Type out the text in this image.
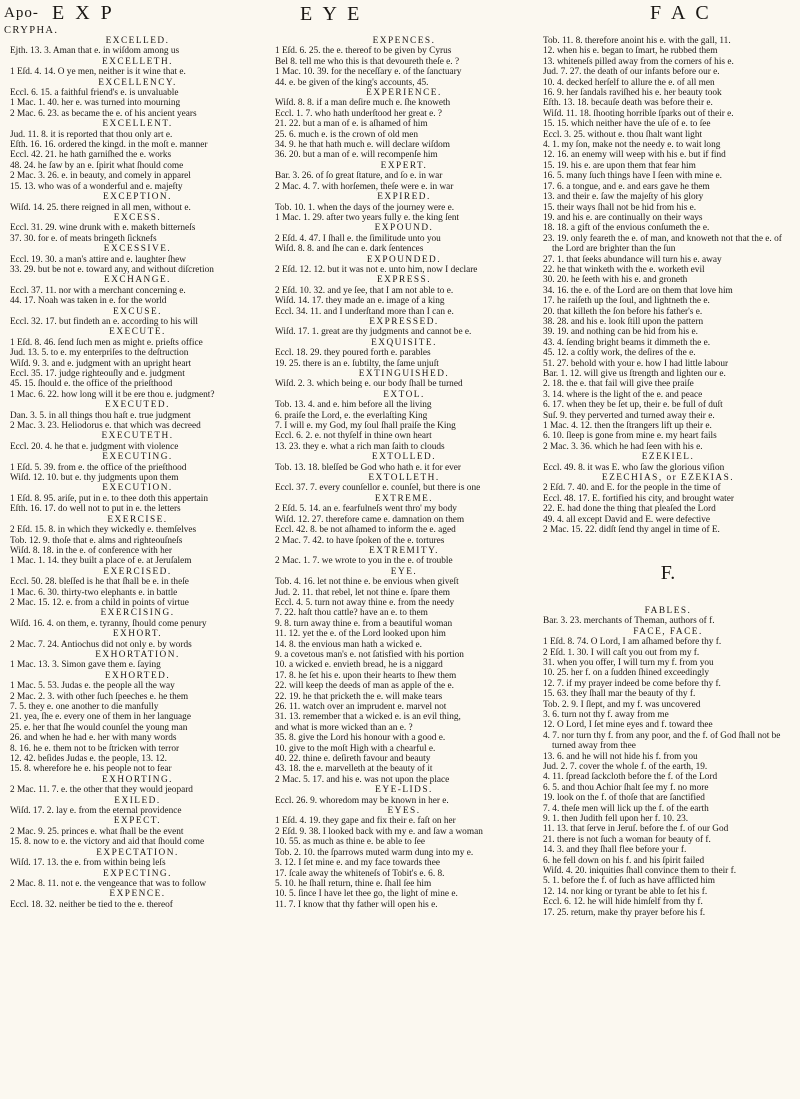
Apo-
CRYPHA.
E X P	E Y E	F A C
EXCELLED.
Ejth. 13. 3. Aman that e. in wiſdom among us
EXCELLETH.
1 Eſd. 4. 14. O ye men, neither is it wine that e.
EXCELLENCY.
Eccl. 6. 15. a faithful friend's e. is unvaluable
1 Mac. 1. 40. her e. was turned into mourning
2 Mac. 6. 23. as became the e. of his ancient years
EXCELLENT.
Jud. 11. 8. it is reported that thou only art e.
Eſth. 16. 16. ordered the kingd. in the moſt e. manner
Eccl. 42. 21. he hath garniſhed the e. works
48. 24. he ſaw by an e. ſpirit what ſhould come
2 Mac. 3. 26. e. in beauty, and comely in apparel
15. 13. who was of a wonderful and e. majeſty
EXCEPTION.
Wiſd. 14. 25. there reigned in all men, without e.
EXCESS.
Eccl. 31. 29. wine drunk with e. maketh bitterneſs
37. 30. for e. of meats bringeth ſicknefs
EXCESSIVE.
Eccl. 19. 30. a man's attire and e. laughter ſhew
33. 29. but be not e. toward any, and without diſcretion
EXCHANGE.
Eccl. 37. 11. nor with a merchant concerning e.
44. 17. Noah was taken in e. for the world
EXCUSE.
Eccl. 32. 17. but findeth an e. according to his will
EXECUTE.
1 Eſd. 8. 46. ſend ſuch men as might e. prieſts office
Jud. 13. 5. to e. my enterpriſes to the deſtruction
Wiſd. 9. 3. and e. judgment with an upright heart
Eccl. 35. 17. judge righteouſly and e. judgment
45. 15. ſhould e. the office of the prieſthood
1 Mac. 6. 22. how long will it be ere thou e. judgment?
EXECUTED.
Dan. 3. 5. in all things thou haſt e. true judgment
2 Mac. 3. 23. Heliodorus e. that which was decreed
EXECUTETH.
Eccl. 20. 4. he that e. judgment with violence
EXECUTING.
1 Eſd. 5. 39. from e. the office of the prieſthood
Wiſd. 12. 10. but e. thy judgments upon them
EXECUTION.
1 Eſd. 8. 95. ariſe, put in e. to thee doth this appertain
Eſth. 16. 17. do well not to put in e. the letters
EXERCISE.
2 Eſd. 15. 8. in which they wickedly e. themſelves
Tob. 12. 9. thoſe that e. alms and righteouſneſs
Wiſd. 8. 18. in the e. of conference with her
1 Mac. 1. 14. they built a place of e. at Jeruſalem
EXERCISED.
Eccl. 50. 28. bleſſed is he that ſhall be e. in theſe
1 Mac. 6. 30. thirty-two elephants e. in battle
2 Mac. 15. 12. e. from a child in points of virtue
EXERCISING.
Wiſd. 16. 4. on them, e. tyranny, ſhould come penury
EXHORT.
2 Mac. 7. 24. Antiochus did not only e. by words
EXHORTATION.
1 Mac. 13. 3. Simon gave them e. ſaying
EXHORTED.
1 Mac. 5. 53. Judas e. the people all the way
2 Mac. 2. 3. with other ſuch ſpeeches e. he them
7. 5. they e. one another to die manfully
21. yea, ſhe e. every one of them in her language
25. e. her that ſhe would counſel the young man
26. and when he had e. her with many words
8. 16. he e. them not to be ſtricken with terror
12. 42. beſides Judas e. the people, 13. 12.
15. 8. wherefore he e. his people not to fear
EXHORTING.
2 Mac. 11. 7. e. the other that they would jeopard
EXILED.
Wiſd. 17. 2. lay e. from the eternal providence
EXPECT.
2 Mac. 9. 25. princes e. what ſhall be the event
15. 8. now to e. the victory and aid that ſhould come
EXPECTATION.
Wiſd. 17. 13. the e. from within being leſs
EXPECTING.
2 Mac. 8. 11. not e. the vengeance that was to follow
EXPENCE.
Eccl. 18. 32. neither be tied to the e. thereof
EXPENCES.
1 Eſd. 6. 25. the e. thereof to be given by Cyrus
Bel 8. tell me who this is that devoureth theſe e. ?
1 Mac. 10. 39. for the neceſſary e. of the ſanctuary
44. e. be given of the king's accounts, 45.
EXPERIENCE.
Wiſd. 8. 8. if a man deſire much e. ſhe knoweth
Eccl. 1. 7. who hath underſtood her great e. ?
21. 22. but a man of e. is aſhamed of him
25. 6. much e. is the crown of old men
34. 9. he that hath much e. will declare wiſdom
36. 20. but a man of e. will recompenſe him
EXPERT.
Bar. 3. 26. of ſo great ſtature, and ſo e. in war
2 Mac. 4. 7. with horſemen, theſe were e. in war
EXPIRED.
Tob. 10. 1. when the days of the journey were e.
1 Mac. 1. 29. after two years fully e. the king ſent
EXPOUND.
2 Eſd. 4. 47. I ſhall e. the ſimilitude unto you
Wiſd. 8. 8. and ſhe can e. dark ſentences
EXPOUNDED.
2 Eſd. 12. 12. but it was not e. unto him, now I declare
EXPRESS.
2 Eſd. 10. 32. and ye ſee, that I am not able to e.
Wiſd. 14. 17. they made an e. image of a king
Eccl. 34. 11. and I underſtand more than I can e.
EXPRESSED.
Wiſd. 17. 1. great are thy judgments and cannot be e.
EXQUISITE.
Eccl. 18. 29. they poured forth e. parables
19. 25. there is an e. ſubtilty, the ſame unjuſt
EXTINGUISHED.
Wiſd. 2. 3. which being e. our body ſhall be turned
EXTOL.
Tob. 13. 4. and e. him before all the living
6. praiſe the Lord, e. the everlaſting King
7. I will e. my God, my ſoul ſhall praiſe the King
Eccl. 6. 2. e. not thyſelf in thine own heart
13. 23. they e. what a rich man ſaith to clouds
EXTOLLED.
Tob. 13. 18. bleſſed be God who hath e. it for ever
EXTOLLETH.
Eccl. 37. 7. every counſellor e. counſel, but there is one
EXTREME.
2 Eſd. 5. 14. an e. fearfulneſs went thro' my body
Wiſd. 12. 27. therefore came e. damnation on them
Eccl. 42. 8. be not aſhamed to inform the e. aged
2 Mac. 7. 42. to have ſpoken of the e. tortures
EXTREMITY.
2 Mac. 1. 7. we wrote to you in the e. of trouble
EYE.
Tob. 4. 16. let not thine e. be envious when giveſt
Jud. 2. 11. that rebel, let not thine e. ſpare them
Eccl. 4. 5. turn not away thine e. from the needy
7. 22. haſt thou cattle? have an e. to them
9. 8. turn away thine e. from a beautiful woman
11. 12. yet the e. of the Lord looked upon him
14. 8. the envious man hath a wicked e.
9. a covetous man's e. not ſatisfied with his portion
10. a wicked e. envieth bread, he is a niggard
17. 8. he ſet his e. upon their hearts to ſhew them
22. will keep the deeds of man as apple of the e.
22. 19. he that pricketh the e. will make tears
26. 11. watch over an imprudent e. marvel not
31. 13. remember that a wicked e. is an evil thing,
and what is more wicked than an e. ?
35. 8. give the Lord his honour with a good e.
10. give to the moſt High with a chearful e.
40. 22. thine e. deſireth favour and beauty
43. 18. the e. marvelleth at the beauty of it
2 Mac. 5. 17. and his e. was not upon the place
EYE-LIDS.
Eccl. 26. 9. whoredom may be known in her e.
EYES.
1 Eſd. 4. 19. they gape and fix their e. faſt on her
2 Eſd. 9. 38. I looked back with my e. and ſaw a woman
10. 55. as much as thine e. be able to ſee
Tob. 2. 10. the ſparrows muted warm dung into my e.
3. 12. I ſet mine e. and my face towards thee
17. ſcale away the whiteneſs of Tobit's e. 6. 8.
5. 10. he ſhall return, thine e. ſhall ſee him
10. 5. ſince I have let thee go, the light of mine e.
11. 7. I know that thy father will open his e.
Tob. 11. 8. therefore anoint his e. with the gall, 11.
12. when his e. began to ſmart, he rubbed them
13. whiteneſs pilled away from the corners of his e.
Jud. 7. 27. the death of our infants before our e.
10. 4. decked herſelf to allure the e. of all men
16. 9. her ſandals raviſhed his e. her beauty took
Eſth. 13. 18. becauſe death was before their e.
Wiſd. 11. 18. ſhooting horrible ſparks out of their e.
15. 15. which neither have the uſe of e. to ſee
Eccl. 3. 25. without e. thou ſhalt want light
4. 1. my ſon, make not the needy e. to wait long
12. 16. an enemy will weep with his e. but if find
15. 19. his e. are upon them that fear him
16. 5. many ſuch things have I ſeen with mine e.
17. 6. a tongue, and e. and ears gave he them
13. and their e. ſaw the majeſty of his glory
15. their ways ſhall not be hid from his e.
19. and his e. are continually on their ways
18. 18. a gift of the envious conſumeth the e.
23. 19. only feareth the e. of man, and knoweth not that the e. of the Lord are brighter than the ſun
27. 1. that ſeeks abundance will turn his e. away
22. he that winketh with the e. worketh evil
30. 20. he ſeeth with his e. and groneth
34. 16. the e. of the Lord are on them that love him
17. he raiſeth up the ſoul, and lightneth the e.
20. that killeth the ſon before his father's e.
38. 28. and his e. look ſtill upon the pattern
39. 19. and nothing can be hid from his e.
43. 4. ſending bright beams it dimmeth the e.
45. 12. a coſtly work, the deſires of the e.
51. 27. behold with your e. how I had little labour
Bar. 1. 12. will give us ſtrength and lighten our e.
2. 18. the e. that fail will give thee praiſe
3. 14. where is the light of the e. and peace
6. 17. when they be ſet up, their e. be full of duſt
Suſ. 9. they perverted and turned away their e.
1 Mac. 4. 12. then the ſtrangers lift up their e.
6. 10. ſleep is gone from mine e. my heart fails
2 Mac. 3. 36. which he had ſeen with his e.
EZEKIEL.
Eccl. 49. 8. it was E. who ſaw the glorious viſion
EZECHIAS, or EZEKIAS.
2 Eſd. 7. 40. and E. for the people in the time of
Eccl. 48. 17. E. fortified his city, and brought water
22. E. had done the thing that pleaſed the Lord
49. 4. all except David and E. were defective
2 Mac. 15. 22. didſt ſend thy angel in time of E.
F.
FABLES.
Bar. 3. 23. merchants of Theman, authors of f.
FACE, FACE.
1 Eſd. 8. 74. O Lord, I am aſhamed before thy f.
2 Eſd. 1. 30. I will caſt you out from my f.
31. when you offer, I will turn my f. from you
10. 25. her f. on a ſudden ſhined exceedingly
12. 7. if my prayer indeed be come before thy f.
15. 63. they ſhall mar the beauty of thy f.
Tob. 2. 9. I ſlept, and my f. was uncovered
3. 6. turn not thy f. away from me
12. O Lord, I ſet mine eyes and f. toward thee
4. 7. nor turn thy f. from any poor, and the f. of God ſhall not be turned away from thee
13. 6. and he will not hide his f. from you
Jud. 2. 7. cover the whole f. of the earth, 19.
4. 11. ſpread ſackcloth before the f. of the Lord
6. 5. and thou Achior ſhalt ſee my f. no more
19. look on the f. of thoſe that are ſanctified
7. 4. theſe men will lick up the f. of the earth
9. 1. then Judith fell upon her f. 10. 23.
11. 13. that ſerve in Jeruſ. before the f. of our God
21. there is not ſuch a woman for beauty of f.
14. 3. and they ſhall flee before your f.
6. he fell down on his f. and his ſpirit failed
Wiſd. 4. 20. iniquities ſhall convince them to their f.
5. 1. before the f. of ſuch as have afflicted him
12. 14. nor king or tyrant be able to ſet his f.
Eccl. 6. 12. he will hide himſelf from thy f.
17. 25. return, make thy prayer before his f.
